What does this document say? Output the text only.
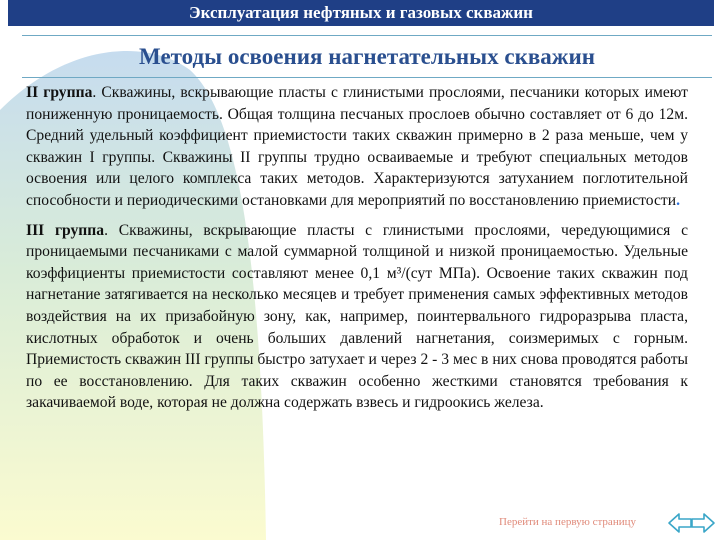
Эксплуатация нефтяных и газовых скважин
Методы освоения нагнетательных скважин

II группа. Скважины, вскрывающие пласты с глинистыми прослоями, песчаники которых имеют пониженную проницаемость. Общая толщина песчаных прослоев обычно составляет от 6 до 12м. Средний удельный коэффициент приемистости таких скважин примерно в 2 раза меньше, чем у скважин I группы. Скважины II группы трудно осваиваемые и требуют специальных методов освоения или целого комплекса таких методов. Характеризуются затуханием поглотительной способности и периодическими остановками для мероприятий по восстановлению приемистости.

III группа. Скважины, вскрывающие пласты с глинистыми прослоями, чередующимися с проницаемыми песчаниками с малой суммарной толщиной и низкой проницаемостью. Удельные коэффициенты приемистости составляют менее 0,1 м³/(сут МПа). Освоение таких скважин под нагнетание затягивается на несколько месяцев и требует применения самых эффективных методов воздействия на их призабойную зону, как, например, поинтервального гидроразрыва пласта, кислотных обработок и очень больших давлений нагнетания, соизмеримых с горным. Приемистость скважин III группы быстро затухает и через 2 - 3 мес в них снова проводятся работы по ее восстановлению. Для таких скважин особенно жесткими становятся требования к закачиваемой воде, которая не должна содержать взвесь и гидроокись железа.

Перейти на первую страницу
